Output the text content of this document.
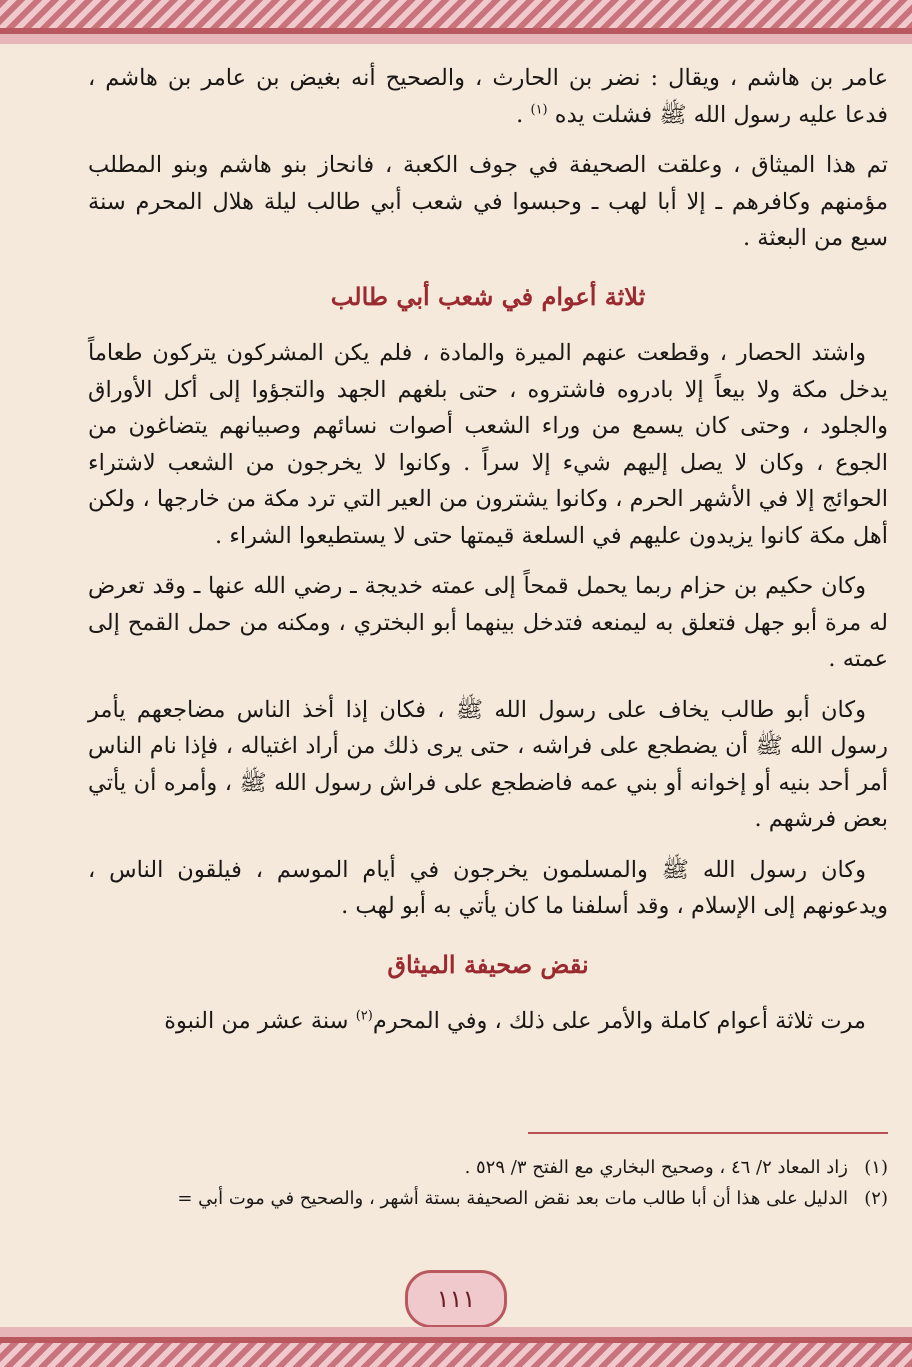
عامر بن هاشم ، ويقال : نضر بن الحارث ، والصحيح أنه بغيض بن عامر بن هاشم ، فدعا عليه رسول الله ﷺ فشلت يده $^{(١)}$ .

تم هذا الميثاق ، وعلقت الصحيفة في جوف الكعبة ، فانحاز بنو هاشم وبنو المطلب مؤمنهم وكافرهم ـ إلا أبا لهب ـ وحبسوا في شعب أبي طالب ليلة هلال المحرم سنة سبع من البعثة .

ثلاثة أعوام في شعب أبي طالب

واشتد الحصار ، وقطعت عنهم الميرة والمادة ، فلم يكن المشركون يتركون طعاماً يدخل مكة ولا بيعاً إلا بادروه فاشتروه ، حتى بلغهم الجهد والتجؤوا إلى أكل الأوراق والجلود ، وحتى كان يسمع من وراء الشعب أصوات نسائهم وصبيانهم يتضاغون من الجوع ، وكان لا يصل إليهم شيء إلا سراً . وكانوا لا يخرجون من الشعب لاشتراء الحوائج إلا في الأشهر الحرم ، وكانوا يشترون من العير التي ترد مكة من خارجها ، ولكن أهل مكة كانوا يزيدون عليهم في السلعة قيمتها حتى لا يستطيعوا الشراء .

وكان حكيم بن حزام ربما يحمل قمحاً إلى عمته خديجة ـ رضي الله عنها ـ وقد تعرض له مرة أبو جهل فتعلق به ليمنعه فتدخل بينهما أبو البختري ، ومكنه من حمل القمح إلى عمته .

وكان أبو طالب يخاف على رسول الله ﷺ ، فكان إذا أخذ الناس مضاجعهم يأمر رسول الله ﷺ أن يضطجع على فراشه ، حتى يرى ذلك من أراد اغتياله ، فإذا نام الناس أمر أحد بنيه أو إخوانه أو بني عمه فاضطجع على فراش رسول الله ﷺ ، وأمره أن يأتي بعض فرشهم .

وكان رسول الله ﷺ والمسلمون يخرجون في أيام الموسم ، فيلقون الناس ، ويدعونهم إلى الإسلام ، وقد أسلفنا ما كان يأتي به أبو لهب .

نقض صحيفة الميثاق

مرت ثلاثة أعوام كاملة والأمر على ذلك ، وفي المحرم$^{(٢)}$ سنة عشر من النبوة

(١)
زاد المعاد ٢/ ٤٦ ، وصحيح البخاري مع الفتح ٣/ ٥٢٩ .
(٢)
الدليل على هذا أن أبا طالب مات بعد نقض الصحيفة بستة أشهر ، والصحيح في موت أبي =
١١١
